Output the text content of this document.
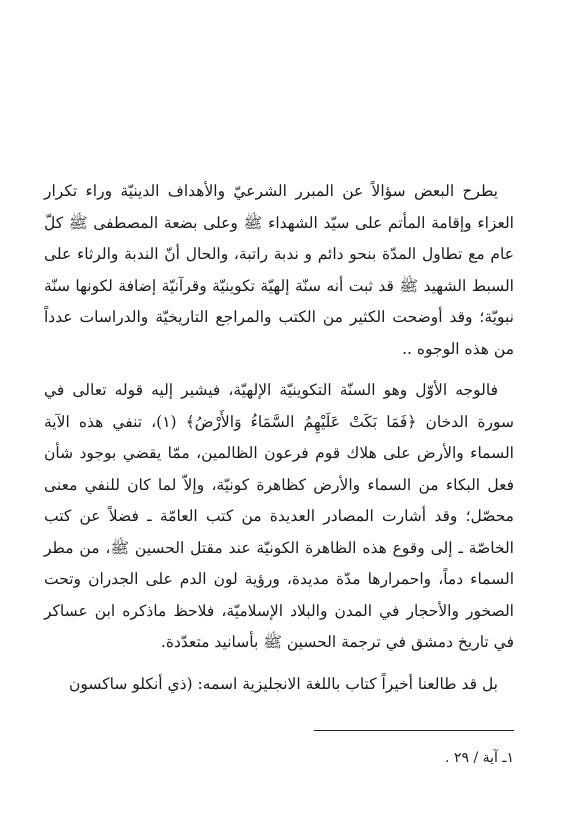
يطرح البعض سؤالاً عن المبرر الشرعيّ والأهداف الدينيّة وراء تكرار العزاء وإقامة المأتم على سيّد الشهداء ﷺ وعلى بضعة المصطفى ﷺ كلّ عام مع تطاول المدّة بنحو دائم و ندبة راتبة، والحال أنّ الندبة والرثاء على السبط الشهيد ﷺ قد ثبت أنه سنّة إلهيّة تكوينيّة وقرآنيّة إضافة لكونها سنّة نبويّة؛ وقد أوضحت الكثير من الكتب والمراجع التاريخيّة والدراسات عدداً من هذه الوجوه ..

فالوجه الأوّل وهو السنّة التكوينيّة الإلهيّة، فيشير إليه قوله تعالى في سورة الدخان ﴿فَمَا بَكَتْ عَلَيْهِمُ السَّمَاءُ وَالأَرْضُ﴾ (١)، تنفي هذه الآية السماء والأرض على هلاك قوم فرعون الظالمين، ممّا يقضي بوجود شأن فعل البكاء من السماء والأرض كظاهرة كونيّة، وإلاّ لما كان للنفي معنى محصّل؛ وقد أشارت المصادر العديدة من كتب العامّة ـ فضلاً عن كتب الخاصّة ـ إلى وقوع هذه الظاهرة الكونيّة عند مقتل الحسين ﷺ، من مطر السماء دماً، واحمرارها مدّة مديدة، ورؤية لون الدم على الجدران وتحت الصخور والأحجار في المدن والبلاد الإسلاميّة، فلاحظ ماذكره ابن عساكر في تاريخ دمشق في ترجمة الحسين ﷺ بأسانيد متعدّدة.

بل قد طالعنا أخيراً كتاب باللغة الانجليزية اسمه: (ذي أنكلو ساكسون

١ـ آية / ٢٩ .
